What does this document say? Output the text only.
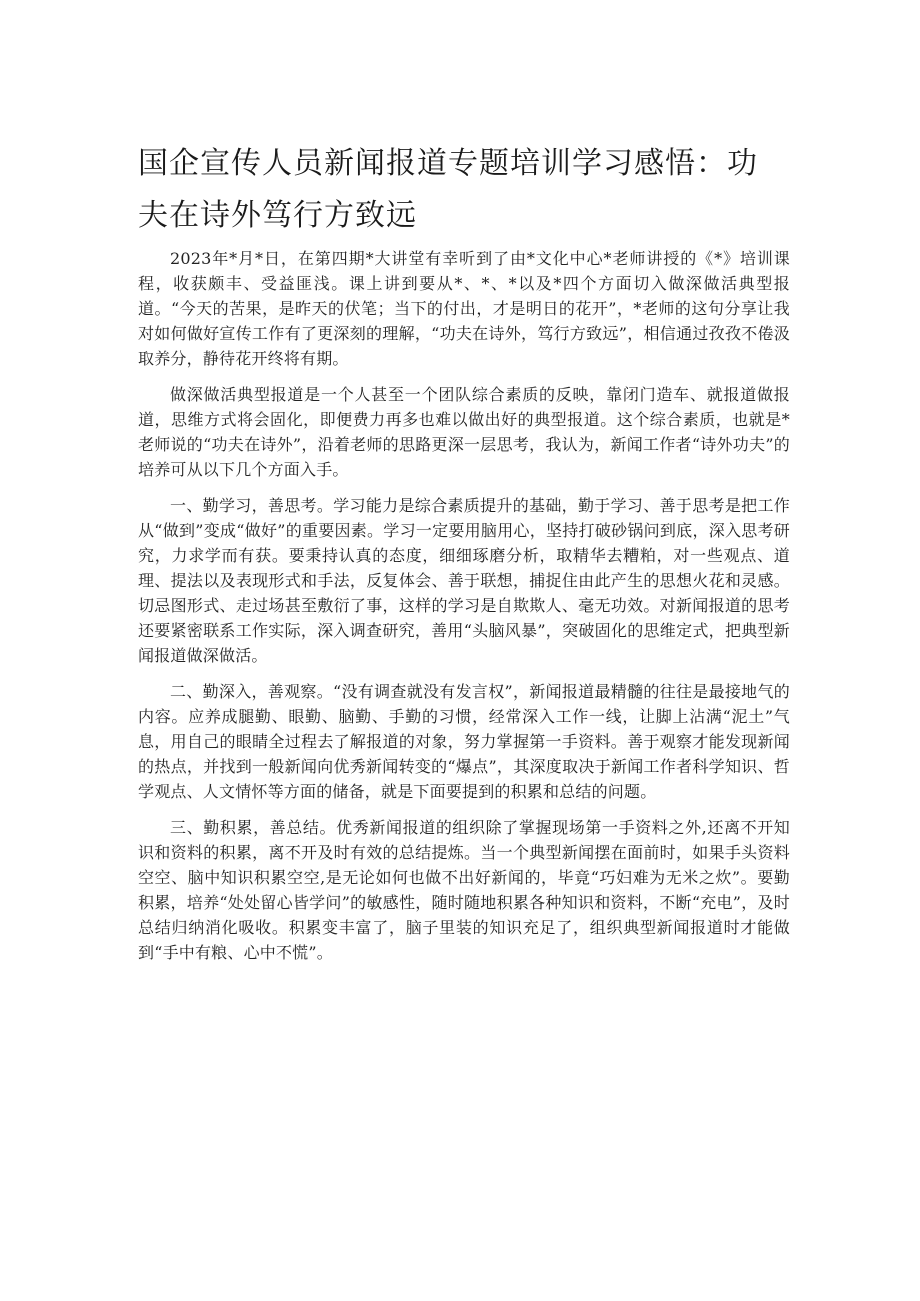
国企宣传人员新闻报道专题培训学习感悟：功夫在诗外笃行方致远

2023年*月*日，在第四期*大讲堂有幸听到了由*文化中心*老师讲授的《*》培训课程，收获颇丰、受益匪浅。课上讲到要从*、*、*以及*四个方面切入做深做活典型报道。“今天的苦果，是昨天的伏笔；当下的付出，才是明日的花开”，*老师的这句分享让我对如何做好宣传工作有了更深刻的理解，“功夫在诗外，笃行方致远”，相信通过孜孜不倦汲取养分，静待花开终将有期。

做深做活典型报道是一个人甚至一个团队综合素质的反映，靠闭门造车、就报道做报道，思维方式将会固化，即便费力再多也难以做出好的典型报道。这个综合素质，也就是*老师说的“功夫在诗外”，沿着老师的思路更深一层思考，我认为，新闻工作者“诗外功夫”的培养可从以下几个方面入手。

一、勤学习，善思考。学习能力是综合素质提升的基础，勤于学习、善于思考是把工作从“做到”变成“做好”的重要因素。学习一定要用脑用心，坚持打破砂锅问到底，深入思考研究，力求学而有获。要秉持认真的态度，细细琢磨分析，取精华去糟粕，对一些观点、道理、提法以及表现形式和手法，反复体会、善于联想，捕捉住由此产生的思想火花和灵感。切忌图形式、走过场甚至敷衍了事，这样的学习是自欺欺人、毫无功效。对新闻报道的思考还要紧密联系工作实际，深入调查研究，善用“头脑风暴”，突破固化的思维定式，把典型新闻报道做深做活。

二、勤深入，善观察。“没有调查就没有发言权”，新闻报道最精髓的往往是最接地气的内容。应养成腿勤、眼勤、脑勤、手勤的习惯，经常深入工作一线，让脚上沾满“泥土”气息，用自己的眼睛全过程去了解报道的对象，努力掌握第一手资料。善于观察才能发现新闻的热点，并找到一般新闻向优秀新闻转变的“爆点”，其深度取决于新闻工作者科学知识、哲学观点、人文情怀等方面的储备，就是下面要提到的积累和总结的问题。

三、勤积累，善总结。优秀新闻报道的组织除了掌握现场第一手资料之外,还离不开知识和资料的积累，离不开及时有效的总结提炼。当一个典型新闻摆在面前时，如果手头资料空空、脑中知识积累空空,是无论如何也做不出好新闻的，毕竟“巧妇难为无米之炊”。要勤积累，培养“处处留心皆学问”的敏感性，随时随地积累各种知识和资料，不断“充电”，及时总结归纳消化吸收。积累变丰富了，脑子里装的知识充足了，组织典型新闻报道时才能做到“手中有粮、心中不慌”。
